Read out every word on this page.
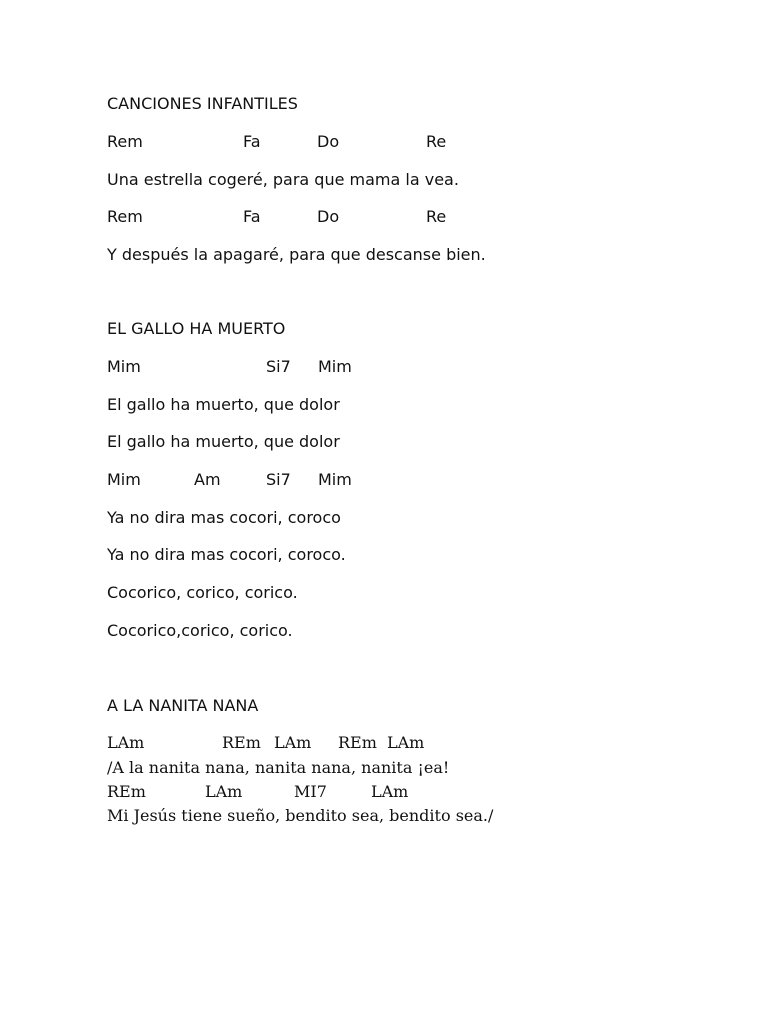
CANCIONES INFANTILES
Rem	Fa	Do	Re
Una estrella cogeré, para que mama la vea.
Rem	Fa	Do	Re
Y después la apagaré, para que descanse bien.
EL GALLO HA MUERTO
Mim	Si7 Mim
El gallo ha muerto, que dolor
El gallo ha muerto, que dolor
Mim	Am	Si7 Mim
Ya no dira mas cocori, coroco
Ya no dira mas cocori, coroco.
Cocorico, corico, corico.
Cocorico,corico, corico.
A LA NANITA NANA
LAm	REm LAm REm LAm
/A la nanita nana, nanita nana, nanita ¡ea!
REm	LAm	MI7	LAm
Mi Jesús tiene sueño, bendito sea, bendito sea./
